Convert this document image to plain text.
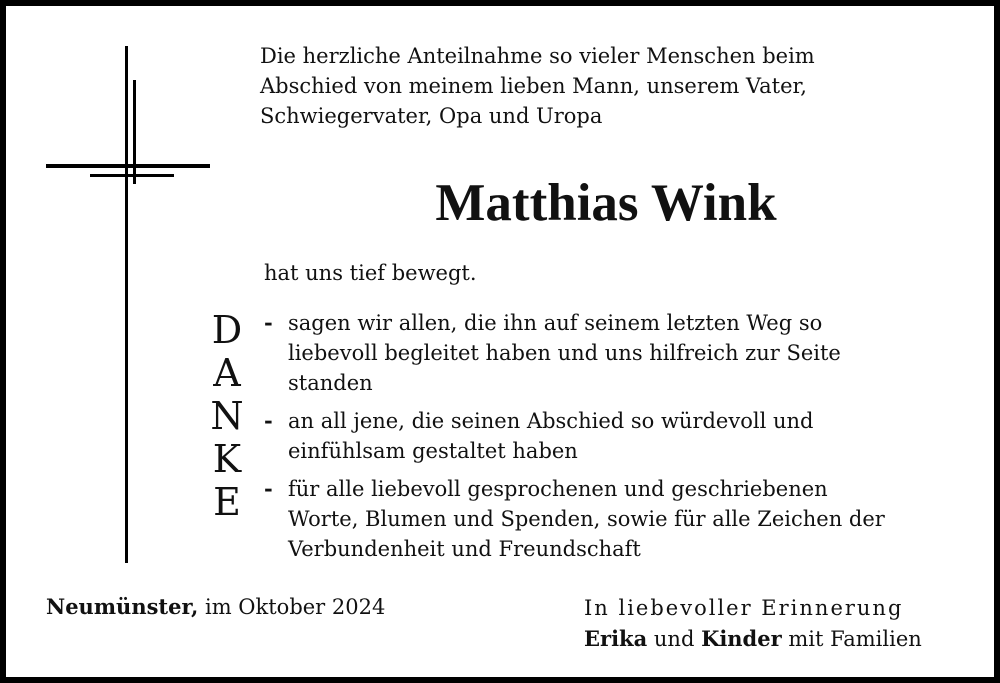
Die herzliche Anteilnahme so vieler Menschen beim
Abschied von meinem lieben Mann, unserem Vater,
Schwiegervater, Opa und Uropa

Matthias Wink

hat uns tief bewegt.

D
A
N
K
E
- sagen wir allen, die ihn auf seinem letzten Weg so
liebevoll begleitet haben und uns hilfreich zur Seite
standen
- an all jene, die seinen Abschied so würdevoll und
einfühlsam gestaltet haben
- für alle liebevoll gesprochenen und geschriebenen
Worte, Blumen und Spenden, sowie für alle Zeichen der
Verbundenheit und Freundschaft

Neumünster, im Oktober 2024	In liebevoller Erinnerung

Erika und Kinder mit Familien
